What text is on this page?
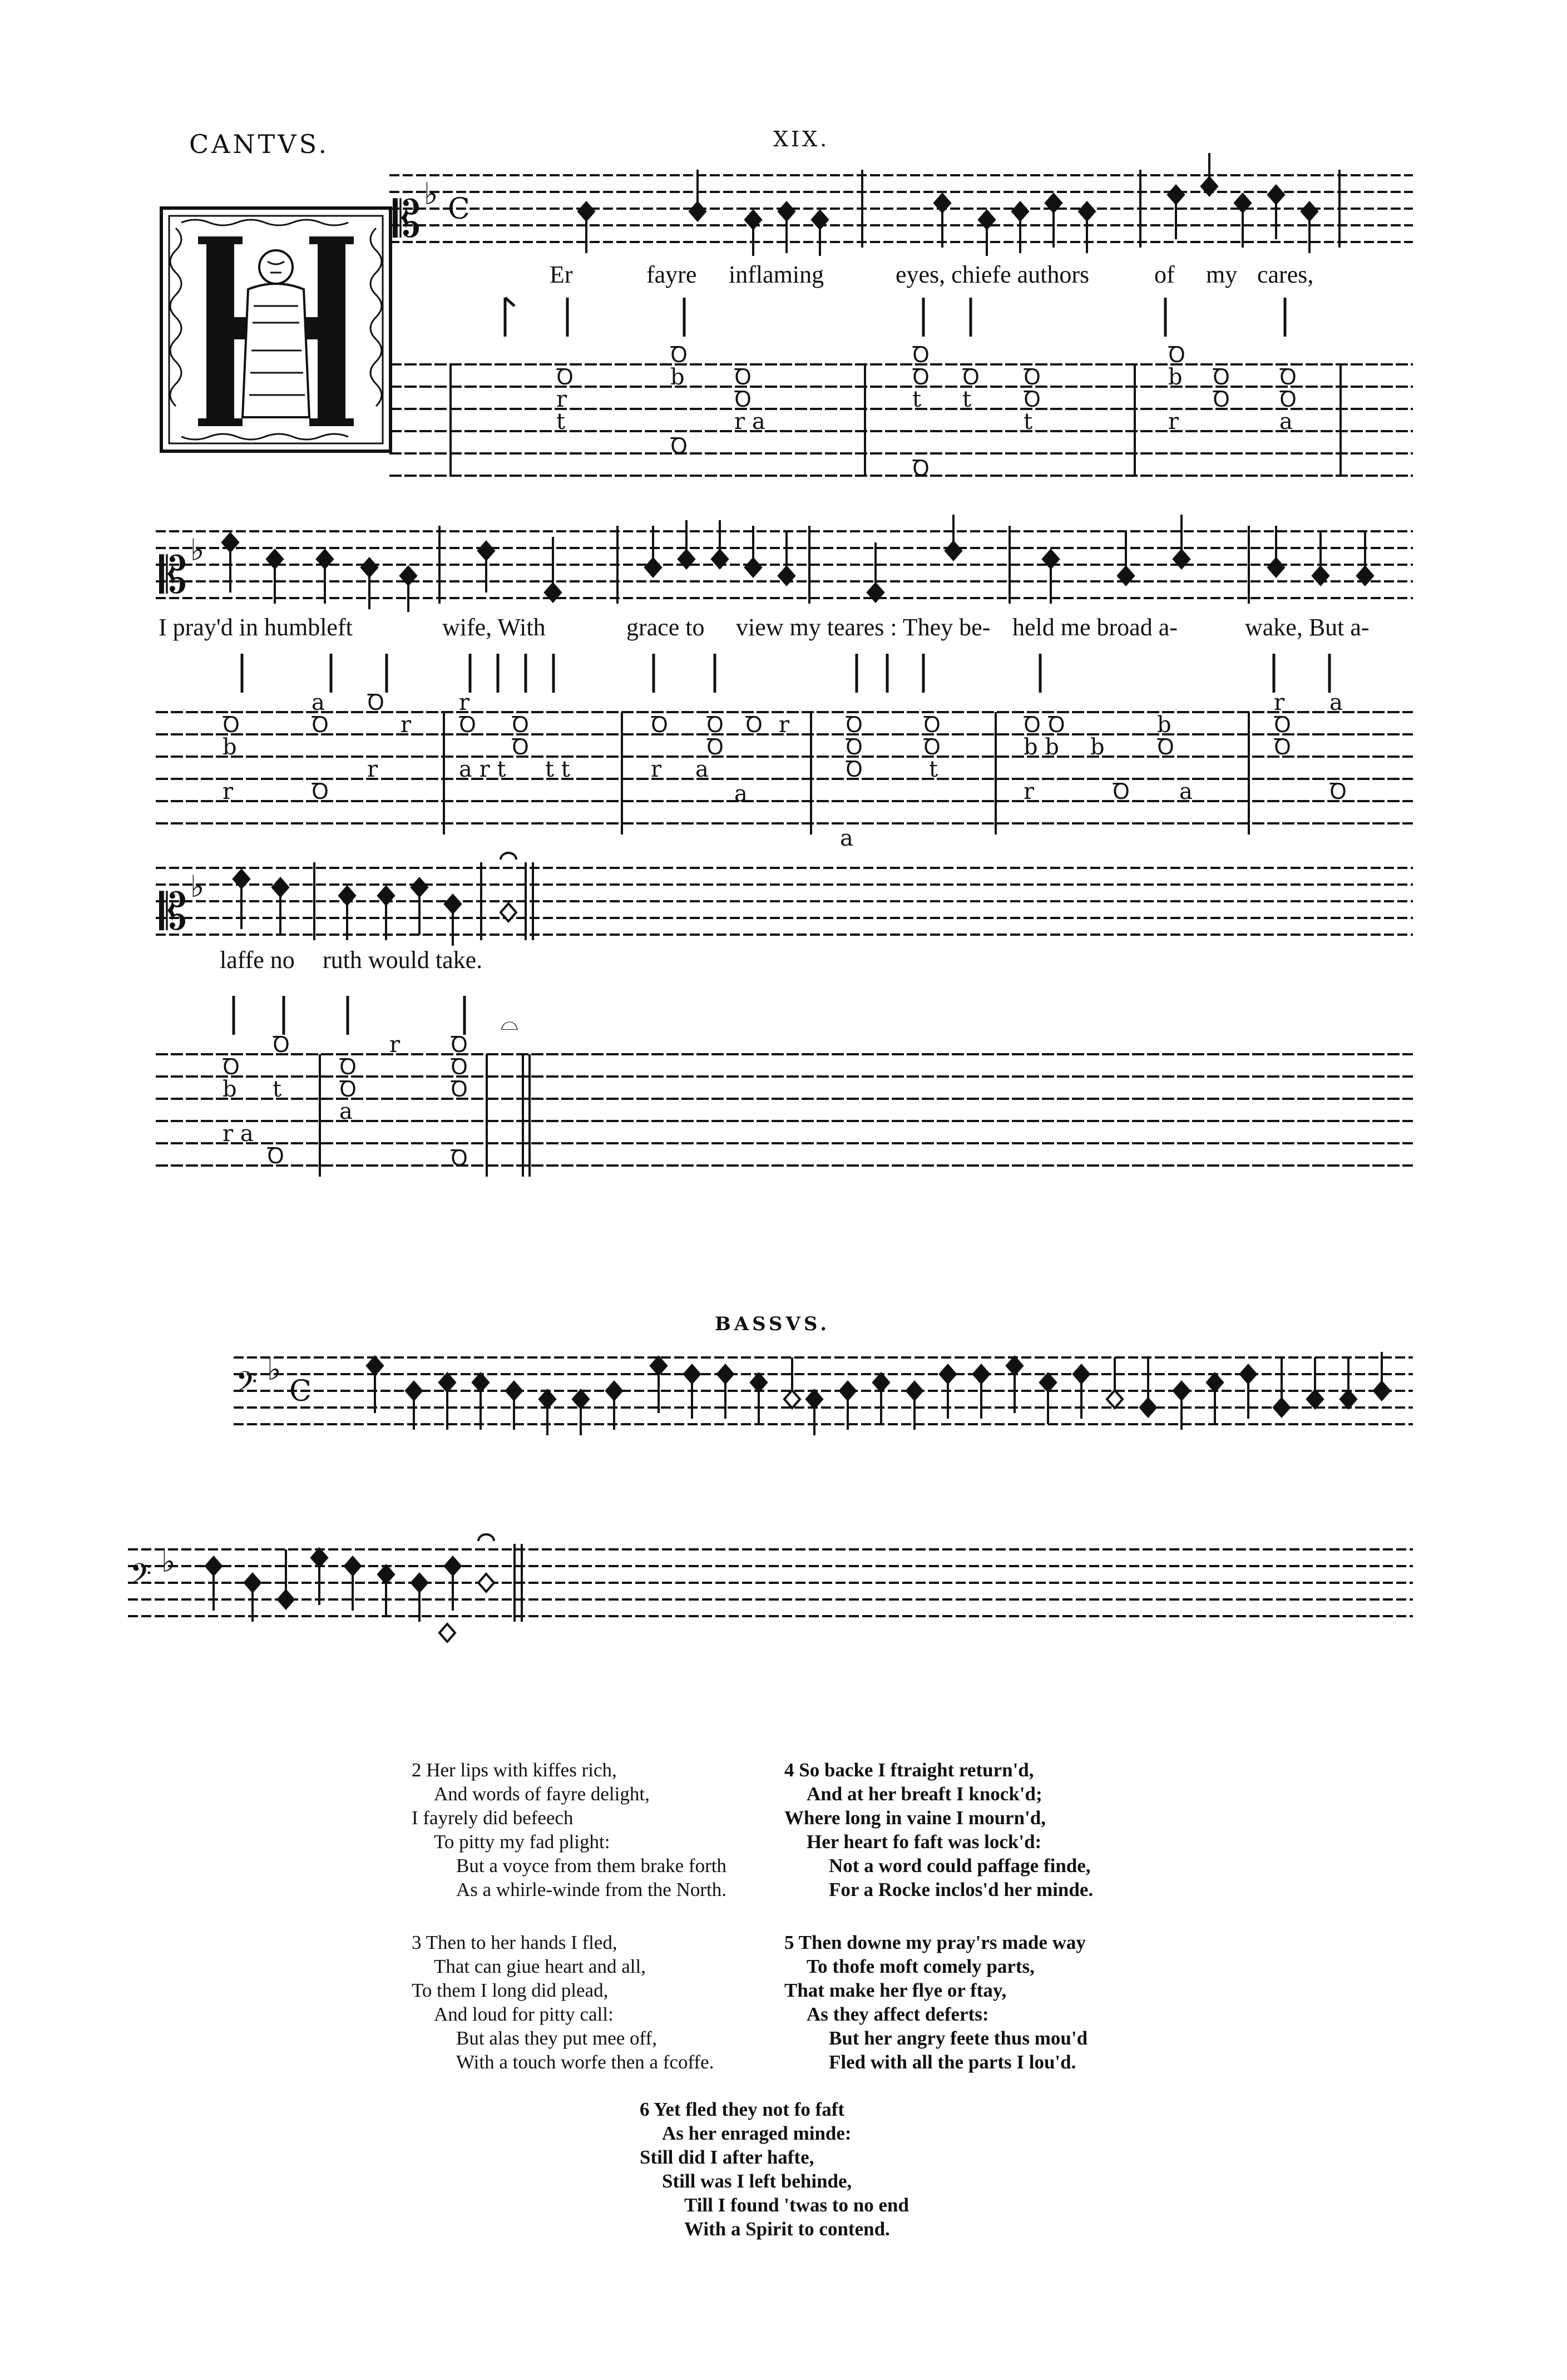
CANTVS.	XIX.
𝄡 ♭ C
Er	fayre inflaming	eyes, chiefe authors	of my cares,
Ꝺ
r
t
Ꝺ
b
Ꝺ
Ꝺ
Ꝺ
r a
Ꝺ
Ꝺ
t
Ꝺ
t
Ꝺ
Ꝺ
t
Ꝺ
Ꝺ
b
r
Ꝺ
Ꝺ
Ꝺ
Ꝺ
a
𝄡 ♭
I pray'd in humbleft	wife, With	grace to view my teares : They be- held me broad a-	wake, But a-
Ꝺ
b
r
a
Ꝺ
Ꝺ
Ꝺ
r
r
r
Ꝺ
a r t
Ꝺ
Ꝺ
t t
Ꝺ
r
Ꝺ
Ꝺ
a
Ꝺ r
a
Ꝺ
Ꝺ
Ꝺ
Ꝺ
Ꝺ
t
a
Ꝺ Ꝺ
b b
r
b
Ꝺ
b
Ꝺ
a
r
Ꝺ
Ꝺ
a
Ꝺ
𝄡 ♭
laffe no ruth would take.
Ꝺ
b
r a
Ꝺ
Ꝺ
t
Ꝺ
Ꝺ
a
r Ꝺ
Ꝺ
Ꝺ
Ꝺ
⌓
BASSVS.
𝄢 ♭
C
𝄢 ♭
2 Her lips with kiffes rich,
And words of fayre delight,
I fayrely did befeech
To pitty my fad plight:
But a voyce from them brake forth
As a whirle-winde from the North.
4 So backe I ftraight return'd,
And at her breaft I knock'd;
Where long in vaine I mourn'd,
Her heart fo faft was lock'd:
Not a word could paffage finde,
For a Rocke inclos'd her minde.
3 Then to her hands I fled,
That can giue heart and all,
To them I long did plead,
And loud for pitty call:
But alas they put mee off,
With a touch worfe then a fcoffe.
5 Then downe my pray'rs made way
To thofe moft comely parts,
That make her flye or ftay,
As they affect deferts:
But her angry feete thus mou'd
Fled with all the parts I lou'd.
6 Yet fled they not fo faft
As her enraged minde:
Still did I after hafte,
Still was I left behinde,
Till I found 'twas to no end
With a Spirit to contend.
